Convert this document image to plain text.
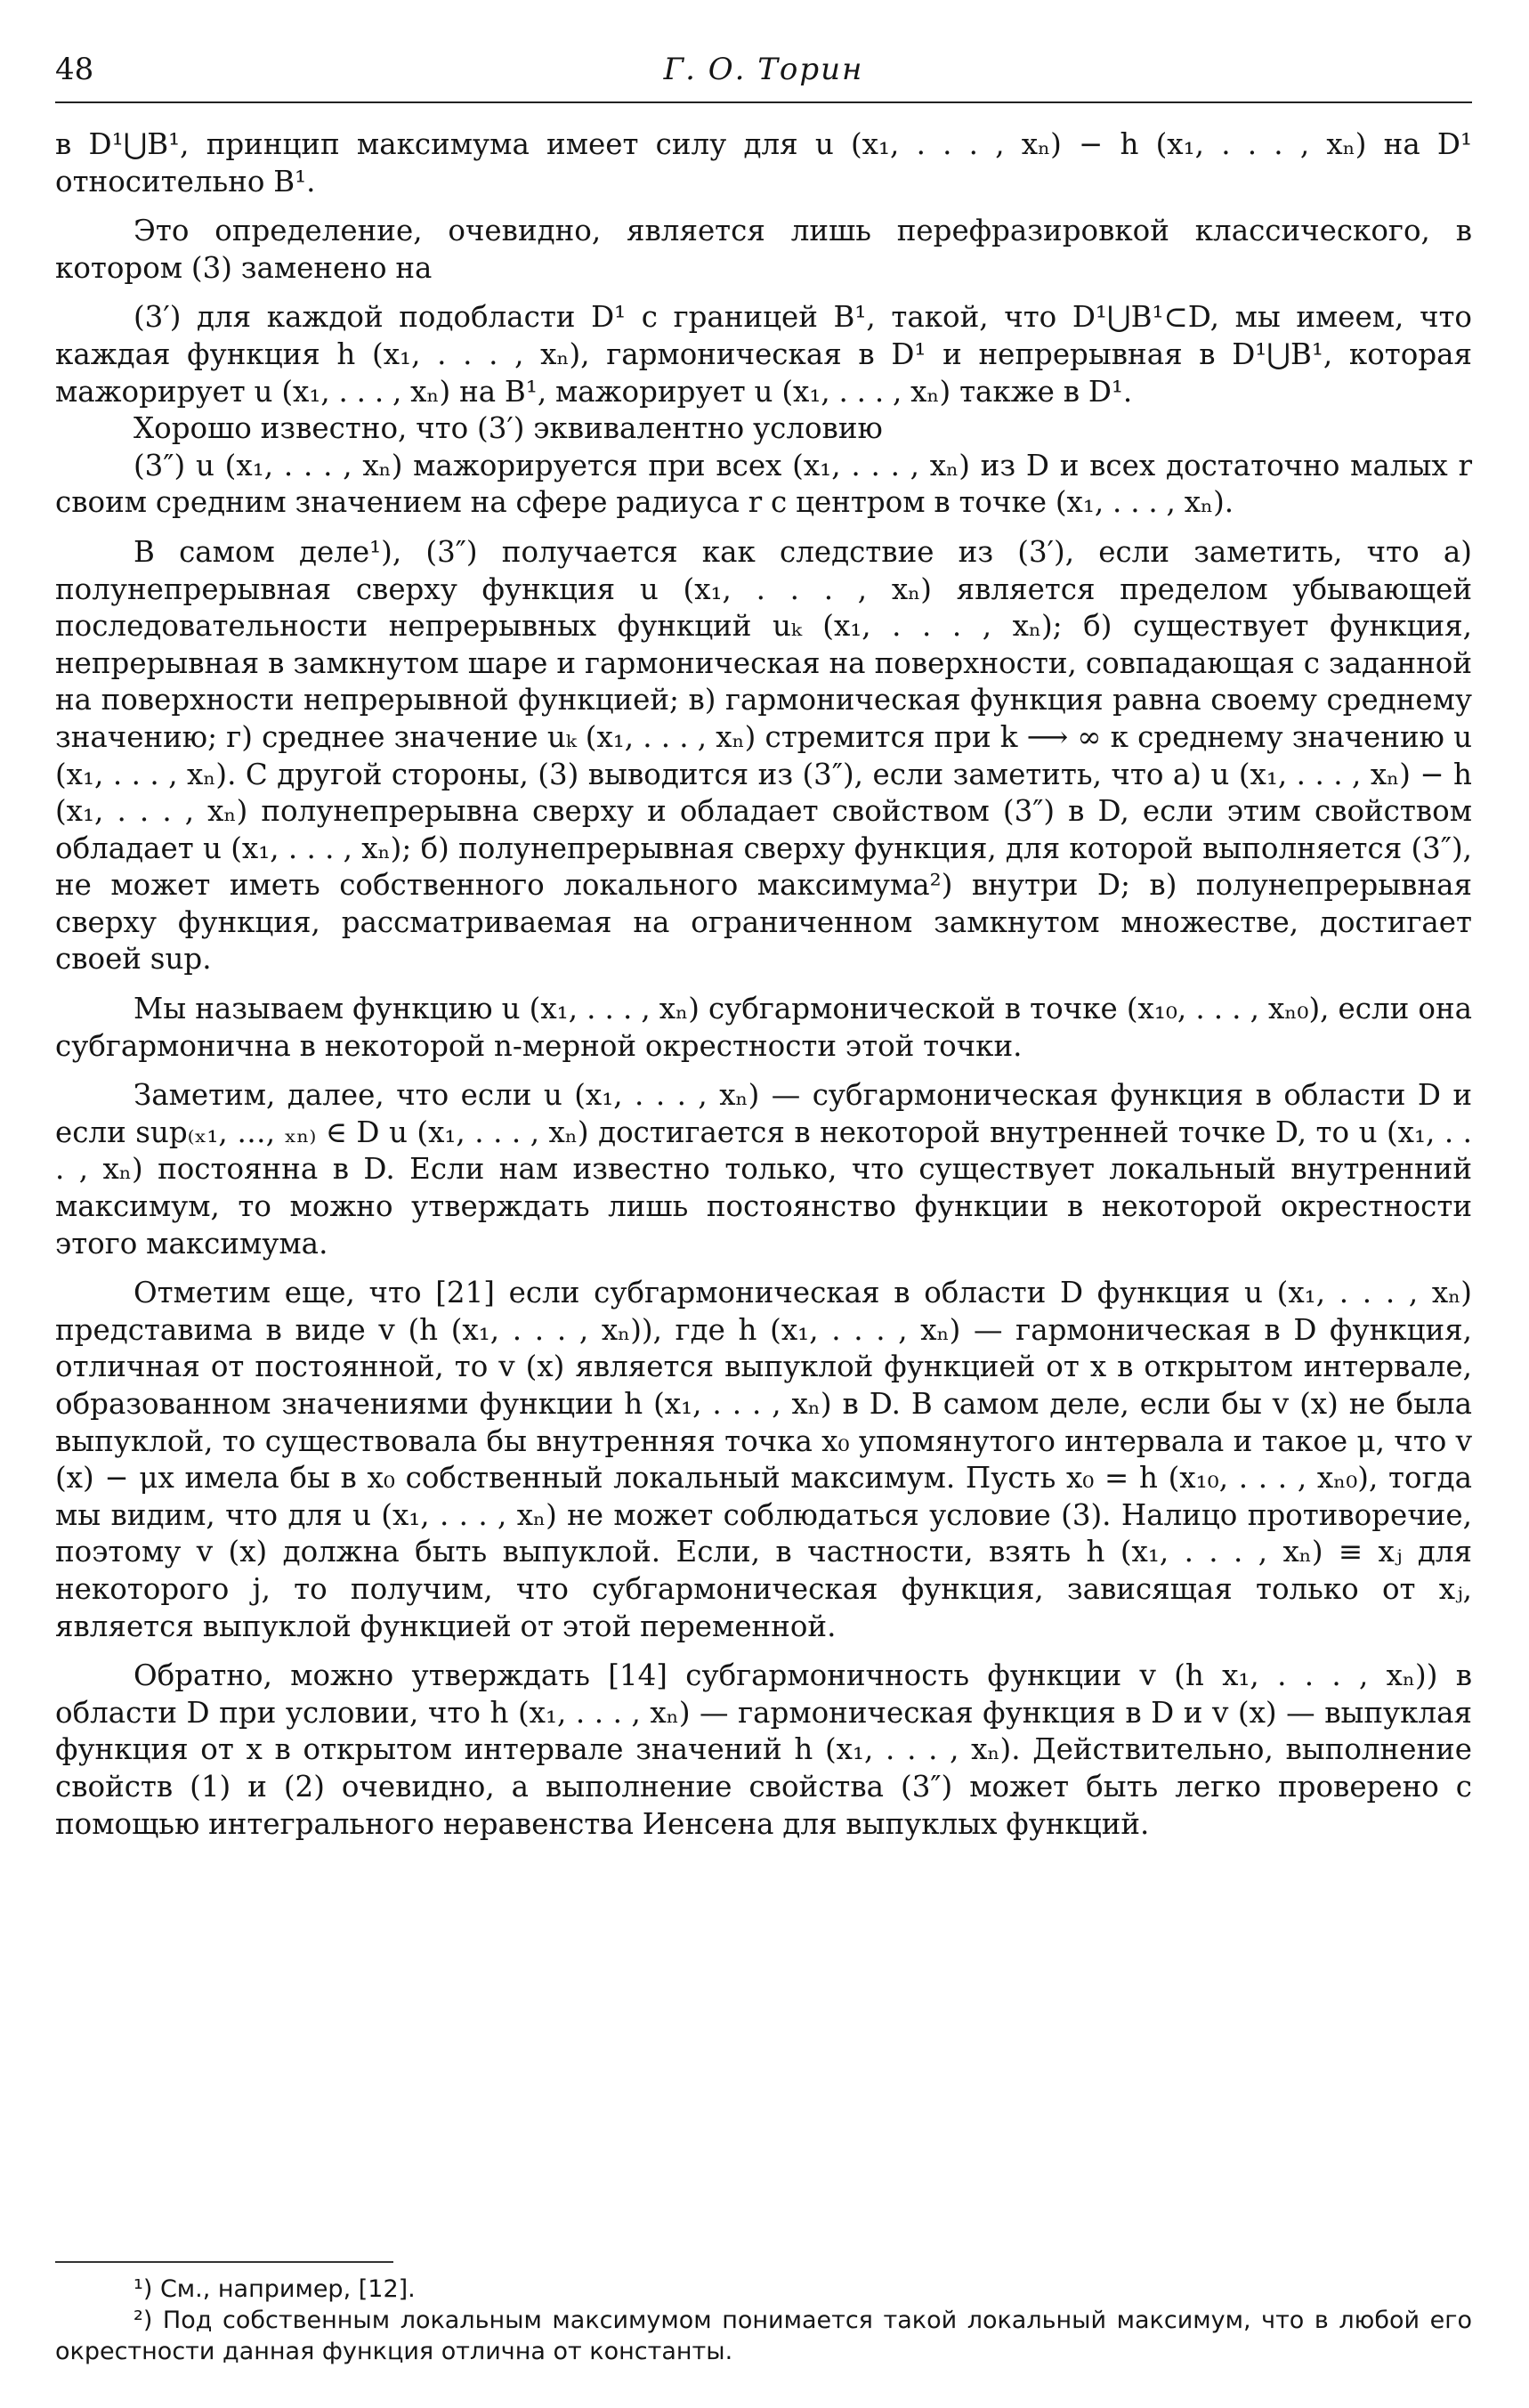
48	Г. О. Торин

в D¹⋃B¹, принцип максимума имеет силу для u (x₁, . . . , xₙ) − h (x₁, . . . , xₙ) на D¹ относительно B¹.

Это определение, очевидно, является лишь перефразировкой классического, в котором (3) заменено на

(3′) для каждой подобласти D¹ с границей B¹, такой, что D¹⋃B¹⊂D, мы имеем, что каждая функция h (x₁, . . . , xₙ), гармоническая в D¹ и непрерывная в D¹⋃B¹, которая мажорирует u (x₁, . . . , xₙ) на B¹, мажорирует u (x₁, . . . , xₙ) также в D¹.

Хорошо известно, что (3′) эквивалентно условию

(3″) u (x₁, . . . , xₙ) мажорируется при всех (x₁, . . . , xₙ) из D и всех достаточно малых r своим средним значением на сфере радиуса r с центром в точке (x₁, . . . , xₙ).

В самом деле¹), (3″) получается как следствие из (3′), если заметить, что а) полунепрерывная сверху функция u (x₁, . . . , xₙ) является пределом убывающей последовательности непрерывных функций uₖ (x₁, . . . , xₙ); б) существует функция, непрерывная в замкнутом шаре и гармоническая на поверхности, совпадающая с заданной на поверхности непрерывной функцией; в) гармоническая функция равна своему среднему значению; г) среднее значение uₖ (x₁, . . . , xₙ) стремится при k ⟶ ∞ к среднему значению u (x₁, . . . , xₙ). С другой стороны, (3) выводится из (3″), если заметить, что а) u (x₁, . . . , xₙ) − h (x₁, . . . , xₙ) полунепрерывна сверху и обладает свойством (3″) в D, если этим свойством обладает u (x₁, . . . , xₙ); б) полунепрерывная сверху функция, для которой выполняется (3″), не может иметь собственного локального максимума²) внутри D; в) полунепрерывная сверху функция, рассматриваемая на ограниченном замкнутом множестве, достигает своей sup.

Мы называем функцию u (x₁, . . . , xₙ) субгармонической в точке (x₁₀, . . . , xₙ₀), если она субгармонична в некоторой n-мерной окрестности этой точки.

Заметим, далее, что если u (x₁, . . . , xₙ) — субгармоническая функция в области D и если sup₍ₓ₁, …, ₓₙ₎ ∈ D u (x₁, . . . , xₙ) достигается в некоторой внутренней точке D, то u (x₁, . . . , xₙ) постоянна в D. Если нам известно только, что существует локальный внутренний максимум, то можно утверждать лишь постоянство функции в некоторой окрестности этого максимума.

Отметим еще, что [21] если субгармоническая в области D функция u (x₁, . . . , xₙ) представима в виде v (h (x₁, . . . , xₙ)), где h (x₁, . . . , xₙ) — гармоническая в D функция, отличная от постоянной, то v (x) является выпуклой функцией от x в открытом интервале, образованном значениями функции h (x₁, . . . , xₙ) в D. В самом деле, если бы v (x) не была выпуклой, то существовала бы внутренняя точка x₀ упомянутого интервала и такое μ, что v (x) − μx имела бы в x₀ собственный локальный максимум. Пусть x₀ = h (x₁₀, . . . , xₙ₀), тогда мы видим, что для u (x₁, . . . , xₙ) не может соблюдаться условие (3). Налицо противоречие, поэтому v (x) должна быть выпуклой. Если, в частности, взять h (x₁, . . . , xₙ) ≡ xⱼ для некоторого j, то получим, что субгармоническая функция, зависящая только от xⱼ, является выпуклой функцией от этой переменной.

Обратно, можно утверждать [14] субгармоничность функции v (h x₁, . . . , xₙ)) в области D при условии, что h (x₁, . . . , xₙ) — гармоническая функция в D и v (x) — выпуклая функция от x в открытом интервале значений h (x₁, . . . , xₙ). Действительно, выполнение свойств (1) и (2) очевидно, а выполнение свойства (3″) может быть легко проверено с помощью интегрального неравенства Иенсена для выпуклых функций.

¹) См., например, [12].

²) Под собственным локальным максимумом понимается такой локальный максимум, что в любой его окрестности данная функция отлична от константы.
